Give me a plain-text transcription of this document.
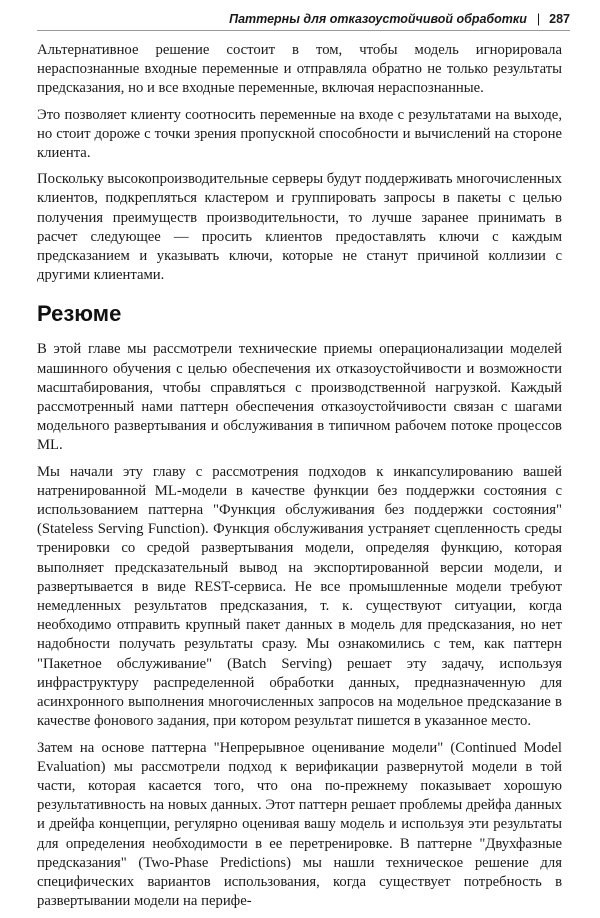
Паттерны для отказоустойчивой обработки | 287

Альтернативное решение состоит в том, чтобы модель игнорировала нераспознанные входные переменные и отправляла обратно не только результаты предсказания, но и все входные переменные, включая нераспознанные.

Это позволяет клиенту соотносить переменные на входе с результатами на выходе, но стоит дороже с точки зрения пропускной способности и вычислений на стороне клиента.

Поскольку высокопроизводительные серверы будут поддерживать многочисленных клиентов, подкрепляться кластером и группировать запросы в пакеты с целью получения преимуществ производительности, то лучше заранее принимать в расчет следующее — просить клиентов предоставлять ключи с каждым предсказанием и указывать ключи, которые не станут причиной коллизии с другими клиентами.

Резюме

В этой главе мы рассмотрели технические приемы операционализации моделей машинного обучения с целью обеспечения их отказоустойчивости и возможности масштабирования, чтобы справляться с производственной нагрузкой. Каждый рассмотренный нами паттерн обеспечения отказоустойчивости связан с шагами модельного развертывания и обслуживания в типичном рабочем потоке процессов ML.

Мы начали эту главу с рассмотрения подходов к инкапсулированию вашей натренированной ML-модели в качестве функции без поддержки состояния с использованием паттерна "Функция обслуживания без поддержки состояния" (Stateless Serving Function). Функция обслуживания устраняет сцепленность среды тренировки со средой развертывания модели, определяя функцию, которая выполняет предсказательный вывод на экспортированной версии модели, и развертывается в виде REST-сервиса. Не все промышленные модели требуют немедленных результатов предсказания, т. к. существуют ситуации, когда необходимо отправить крупный пакет данных в модель для предсказания, но нет надобности получать результаты сразу. Мы ознакомились с тем, как паттерн "Пакетное обслуживание" (Batch Serving) решает эту задачу, используя инфраструктуру распределенной обработки данных, предназначенную для асинхронного выполнения многочисленных запросов на модельное предсказание в качестве фонового задания, при котором результат пишется в указанное место.

Затем на основе паттерна "Непрерывное оценивание модели" (Continued Model Evaluation) мы рассмотрели подход к верификации развернутой модели в той части, которая касается того, что она по-прежнему показывает хорошую результативность на новых данных. Этот паттерн решает проблемы дрейфа данных и дрейфа концепции, регулярно оценивая вашу модель и используя эти результаты для определения необходимости в ее перетренировке. В паттерне "Двухфазные предсказания" (Two-Phase Predictions) мы нашли техническое решение для специфических вариантов использования, когда существует потребность в развертывании модели на перифе-
